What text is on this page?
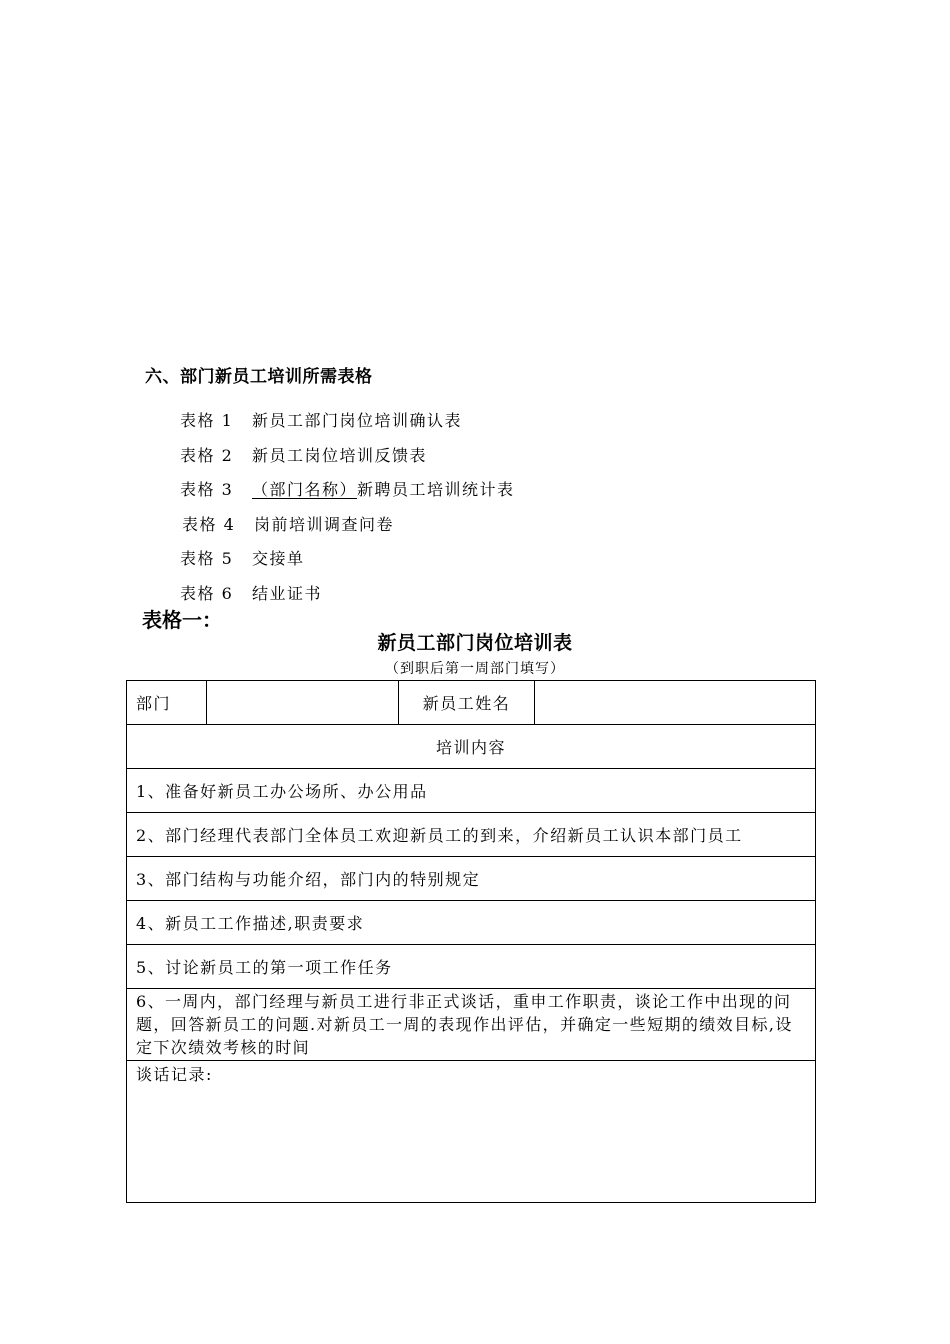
六、部门新员工培训所需表格
表格 1 新员工部门岗位培训确认表
表格 2 新员工岗位培训反馈表
表格 3 （部门名称）新聘员工培训统计表
表格 4 岗前培训调查问卷
表格 5 交接单
表格 6 结业证书
表格一：
新员工部门岗位培训表
（到职后第一周部门填写）
部门		新员工姓名	
培训内容
1、准备好新员工办公场所、办公用品
2、部门经理代表部门全体员工欢迎新员工的到来，介绍新员工认识本部门员工
3、部门结构与功能介绍，部门内的特别规定
4、新员工工作描述,职责要求
5、讨论新员工的第一项工作任务
6、一周内，部门经理与新员工进行非正式谈话，重申工作职责，谈论工作中出现的问题，回答新员工的问题.对新员工一周的表现作出评估，并确定一些短期的绩效目标,设定下次绩效考核的时间
谈话记录:
